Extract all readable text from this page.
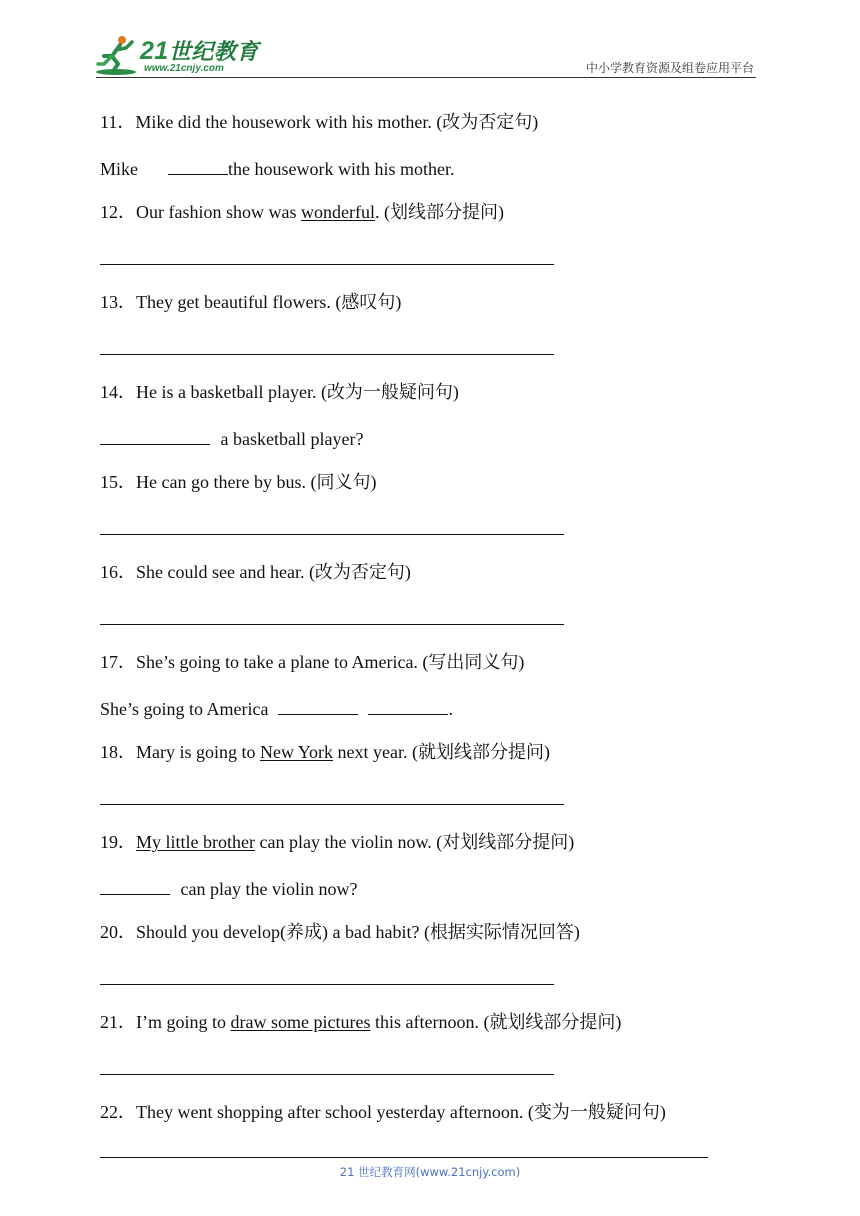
21世纪教育
www.21cnjy.com	中小学教育资源及组卷应用平台
11．Mike did the housework with his mother. (改为否定句)
Mike	the housework with his mother.
12．Our fashion show was wonderful. (划线部分提问)
13．They get beautiful flowers. (感叹句)
14．He is a basketball player. (改为一般疑问句)
a basketball player?
15．He can go there by bus. (同义句)
16．She could see and hear. (改为否定句)
17．She’s going to take a plane to America. (写出同义句)
She’s going to America	.
18．Mary is going to New York next year. (就划线部分提问)
19．My little brother can play the violin now. (对划线部分提问)
can play the violin now?
20．Should you develop(养成) a bad habit? (根据实际情况回答)
21．I’m going to draw some pictures this afternoon. (就划线部分提问)
22．They went shopping after school yesterday afternoon. (变为一般疑问句)
21 世纪教育网(www.21cnjy.com)
